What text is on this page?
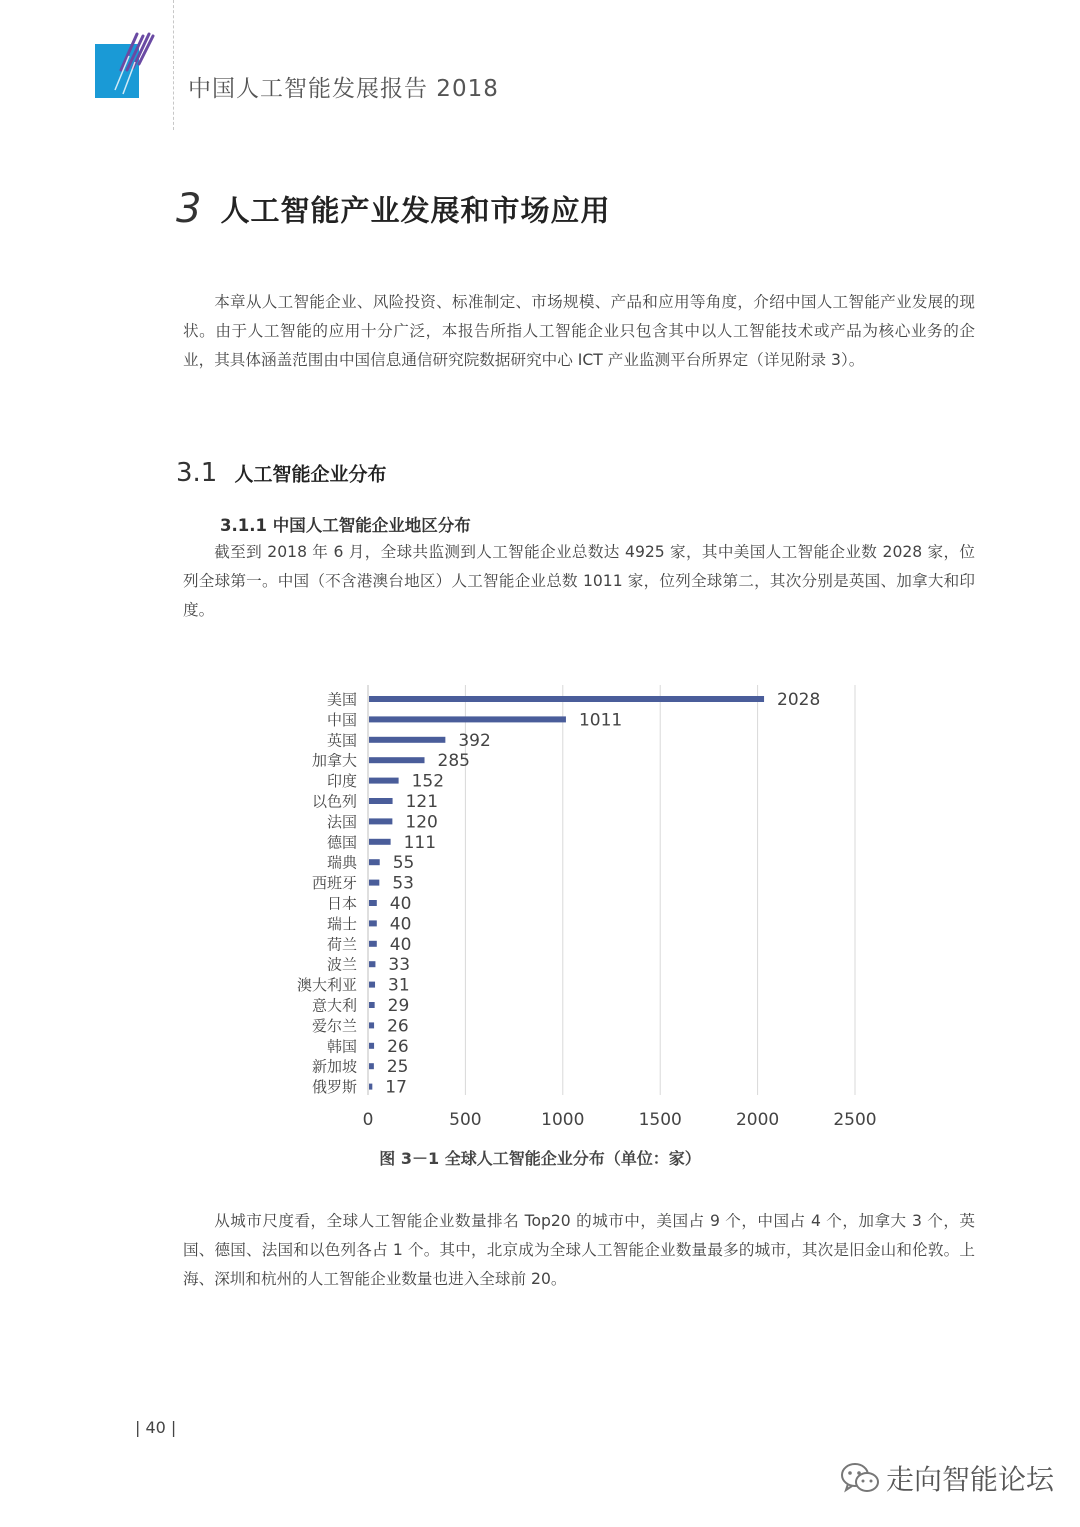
中国人工智能发展报告 2018
3 人工智能产业发展和市场应用

本章从人工智能企业、风险投资、标准制定、市场规模、产品和应用等角度，介绍中国人工智能产业发展的现状。由于人工智能的应用十分广泛，本报告所指人工智能企业只包含其中以人工智能技术或产品为核心业务的企业，其具体涵盖范围由中国信息通信研究院数据研究中心 ICT 产业监测平台所界定（详见附录 3）。

3.1 人工智能企业分布
3.1.1 中国人工智能企业地区分布

截至到 2018 年 6 月，全球共监测到人工智能企业总数达 4925 家，其中美国人工智能企业数 2028 家，位列全球第一。中国（不含港澳台地区）人工智能企业总数 1011 家，位列全球第二，其次分别是英国、加拿大和印度。

美国
中国
英国
加拿大
印度
以色列
法国
德国
瑞典
西班牙
日本
瑞士
荷兰
波兰
澳大利亚
意大利
爱尔兰
韩国
新加坡
俄罗斯
2028
1011
392
285
152
121
120
111
55
53
40
40
40
33
31
29
26
26
25
17
0	500	1000	1500	2000	2500
图 3－1 全球人工智能企业分布（单位：家）

从城市尺度看，全球人工智能企业数量排名 Top20 的城市中，美国占 9 个，中国占 4 个，加拿大 3 个，英国、德国、法国和以色列各占 1 个。其中，北京成为全球人工智能企业数量最多的城市，其次是旧金山和伦敦。上海、深圳和杭州的人工智能企业数量也进入全球前 20。

| 40 |
走向智能论坛
